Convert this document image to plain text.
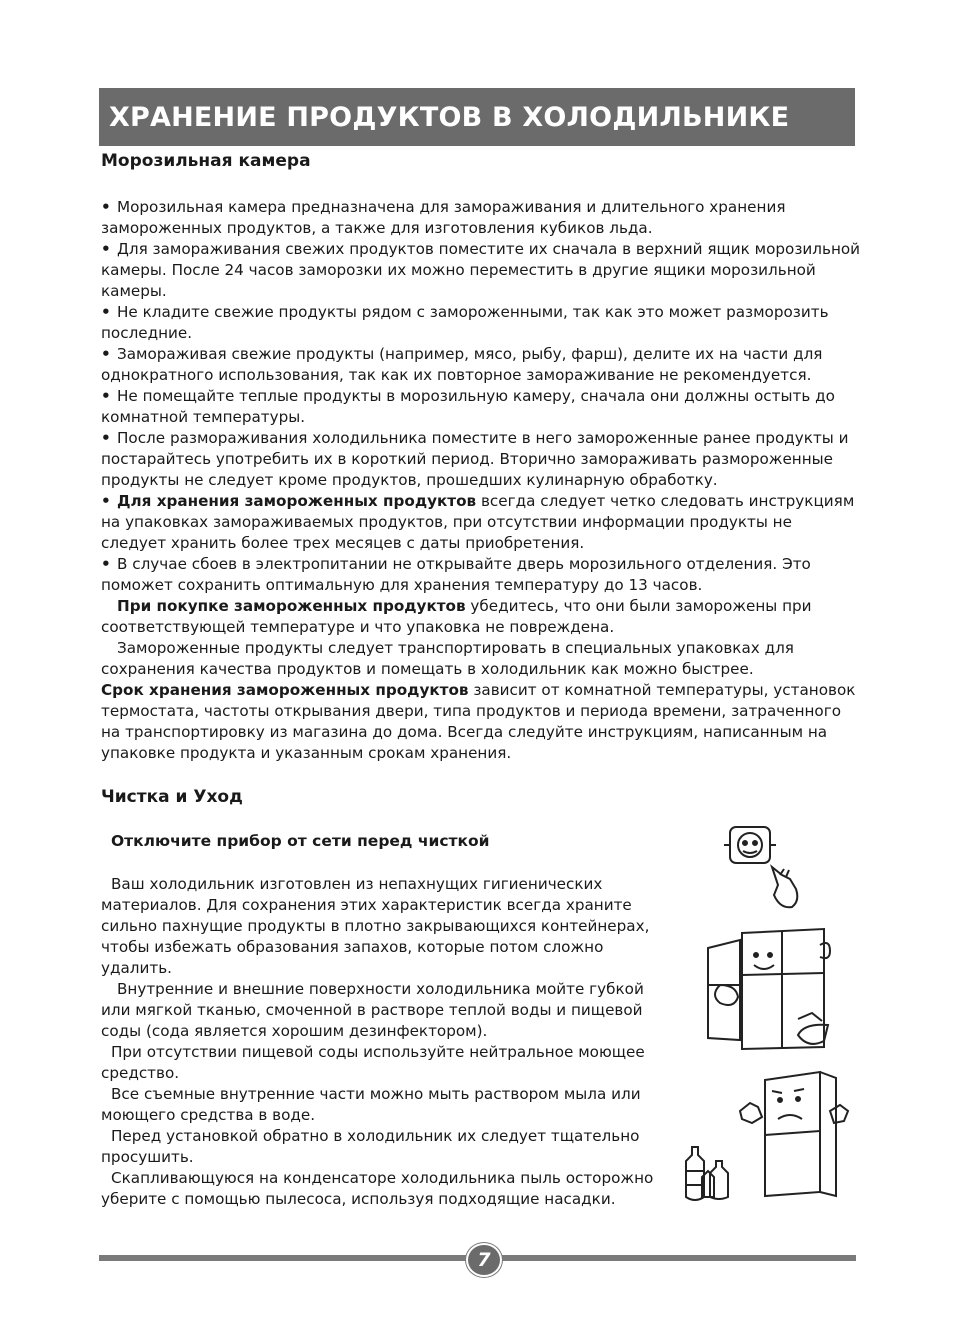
ХРАНЕНИЕ ПРОДУКТОВ В ХОЛОДИЛЬНИКЕ
Морозильная камера

• Морозильная камера предназначена для замораживания и длительного хранения замороженных продуктов, а также для изготовления кубиков льда.

• Для замораживания свежих продуктов поместите их сначала в верхний ящик морозильной камеры. После 24 часов заморозки их можно переместить в другие ящики морозильной камеры.

• Не кладите свежие продукты рядом с замороженными, так как это может разморозить последние.

• Замораживая свежие продукты (например, мясо, рыбу, фарш), делите их на части для однократного использования, так как их повторное замораживание не рекомендуется.

• Не помещайте теплые продукты в морозильную камеру, сначала они должны остыть до комнатной температуры.

• После размораживания холодильника поместите в него замороженные ранее продукты и постарайтесь употребить их в короткий период. Вторично замораживать размороженные продукты не следует кроме продуктов, прошедших кулинарную обработку.

• Для хранения замороженных продуктов всегда следует четко следовать инструкциям на упаковках замораживаемых продуктов, при отсутствии информации продукты не следует хранить более трех месяцев с даты приобретения.

• В случае сбоев в электропитании не открывайте дверь морозильного отделения. Это поможет сохранить оптимальную для хранения температуру до 13 часов.

При покупке замороженных продуктов убедитесь, что они были заморожены при соответствующей температуре и что упаковка не повреждена.

Замороженные продукты следует транспортировать в специальных упаковках для сохранения качества продуктов и помещать в холодильник как можно быстрее.

Срок хранения замороженных продуктов зависит от комнатной температуры, установок термостата, частоты открывания двери, типа продуктов и периода времени, затраченного на транспортировку из магазина до дома. Всегда следуйте инструкциям, написанным на упаковке продукта и указанным срокам хранения.

Чистка и Уход
Отключите прибор от сети перед чисткой

Ваш холодильник изготовлен из непахнущих гигиенических материалов. Для сохранения этих характеристик всегда храните сильно пахнущие продукты в плотно закрывающихся контейнерах, чтобы избежать образования запахов, которые потом сложно удалить.

Внутренние и внешние поверхности холодильника мойте губкой или мягкой тканью, смоченной в растворе теплой воды и пищевой соды (сода является хорошим дезинфектором).

При отсутствии пищевой соды используйте нейтральное моющее средство.

Все съемные внутренние части можно мыть раствором мыла или моющего средства в воде.

Перед установкой обратно в холодильник их следует тщательно просушить.

Скапливающуюся на конденсаторе холодильника пыль осторожно уберите с помощью пылесоса, используя подходящие насадки.

7
